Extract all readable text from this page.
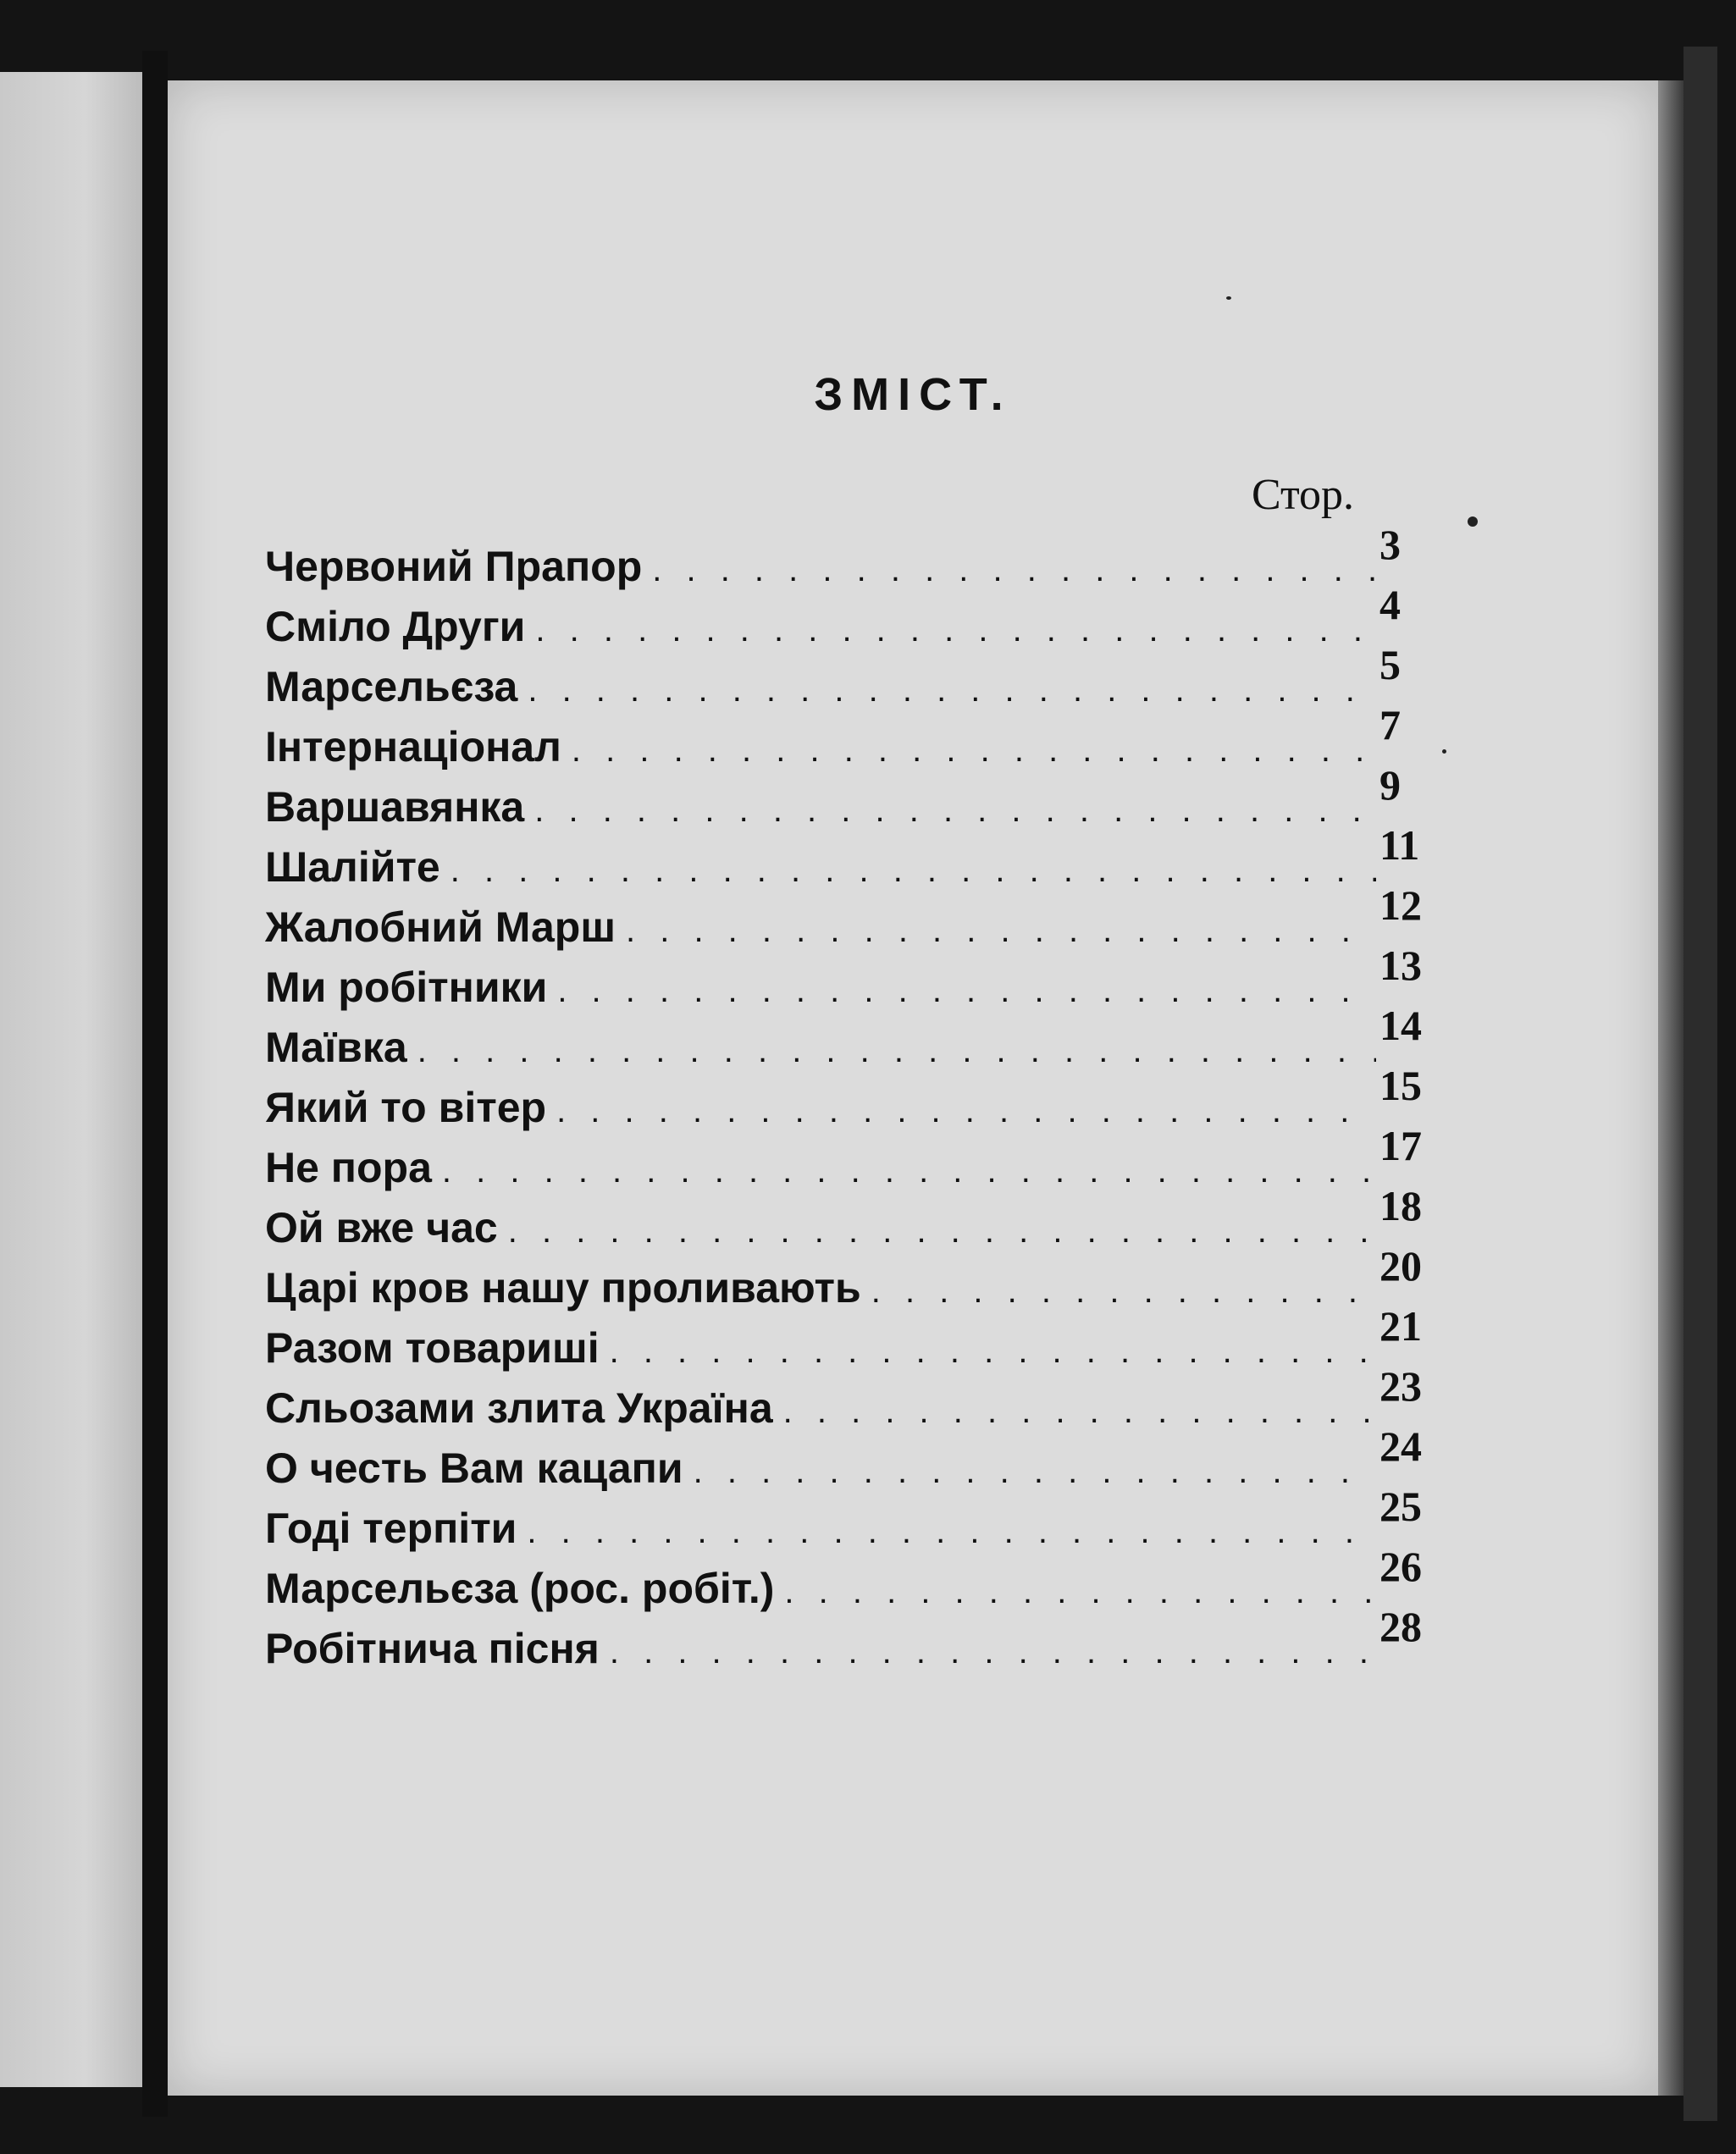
ЗМІСТ.
Стор.
Червоний Прапор
. . .	3
Сміло Други
. . .	4
Марсельєза
. . .	5
Інтернаціонал
. . .	7
Варшавянка
. . .	9
Шалійте
. . .	11
Жалобний Марш
. . .	12
Ми робітники
. . .	13
Маївка
. . .	14
Який то вітер
. . .	15
Не пора
. . .	17
Ой вже час
. . .	18
Царі кров нашу проливають
. . .	20
Разом товариші
. . .	21
Сльозами злита Україна
. . .	23
О честь Вам кацапи
. . .	24
Годі терпіти
. . .	25
Марсельєза (рос. робіт.)
. . .	26
Робітнича пісня
. . .	28
